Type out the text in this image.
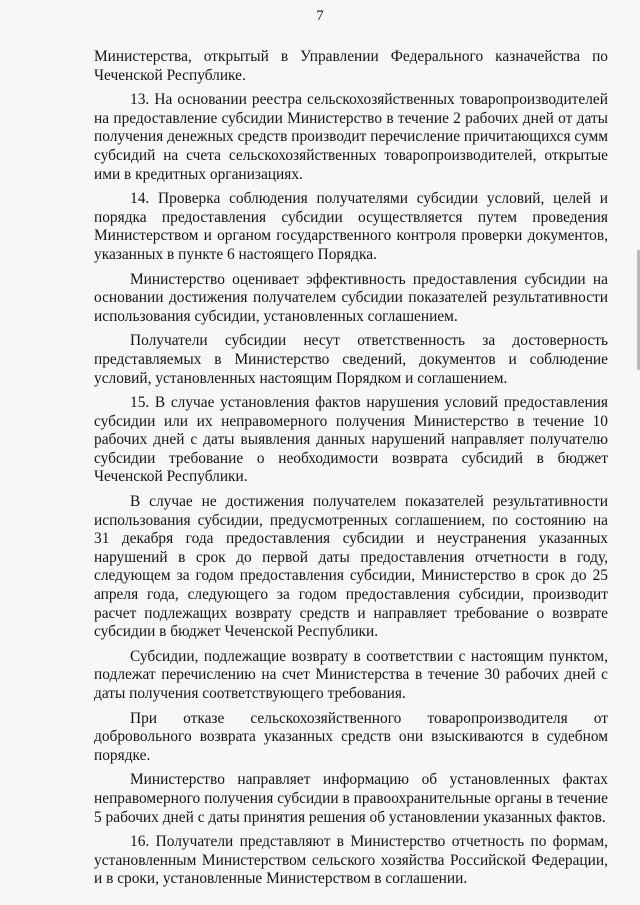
7

Министерства, открытый в Управлении Федерального казначейства по Чеченской Республике.

13. На основании реестра сельскохозяйственных товаропроизводителей на предоставление субсидии Министерство в течение 2 рабочих дней от даты получения денежных средств производит перечисление причитающихся сумм субсидий на счета сельскохозяйственных товаропроизводителей, открытые ими в кредитных организациях.

14. Проверка соблюдения получателями субсидии условий, целей и порядка предоставления субсидии осуществляется путем проведения Министерством и органом государственного контроля проверки документов, указанных в пункте 6 настоящего Порядка.

Министерство оценивает эффективность предоставления субсидии на основании достижения получателем субсидии показателей результативности использования субсидии, установленных соглашением.

Получатели субсидии несут ответственность за достоверность представляемых в Министерство сведений, документов и соблюдение условий, установленных настоящим Порядком и соглашением.

15. В случае установления фактов нарушения условий предоставления субсидии или их неправомерного получения Министерство в течение 10 рабочих дней с даты выявления данных нарушений направляет получателю субсидии требование о необходимости возврата субсидий в бюджет Чеченской Республики.

В случае не достижения получателем показателей результативности использования субсидии, предусмотренных соглашением, по состоянию на 31 декабря года предоставления субсидии и неустранения указанных нарушений в срок до первой даты предоставления отчетности в году, следующем за годом предоставления субсидии, Министерство в срок до 25 апреля года, следующего за годом предоставления субсидии, производит расчет подлежащих возврату средств и направляет требование о возврате субсидии в бюджет Чеченской Республики.

Субсидии, подлежащие возврату в соответствии с настоящим пунктом, подлежат перечислению на счет Министерства в течение 30 рабочих дней с даты получения соответствующего требования.

При отказе сельскохозяйственного товаропроизводителя от добровольного возврата указанных средств они взыскиваются в судебном порядке.

Министерство направляет информацию об установленных фактах неправомерного получения субсидии в правоохранительные органы в течение 5 рабочих дней с даты принятия решения об установлении указанных фактов.

16. Получатели представляют в Министерство отчетность по формам, установленным Министерством сельского хозяйства Российской Федерации, и в сроки, установленные Министерством в соглашении.
